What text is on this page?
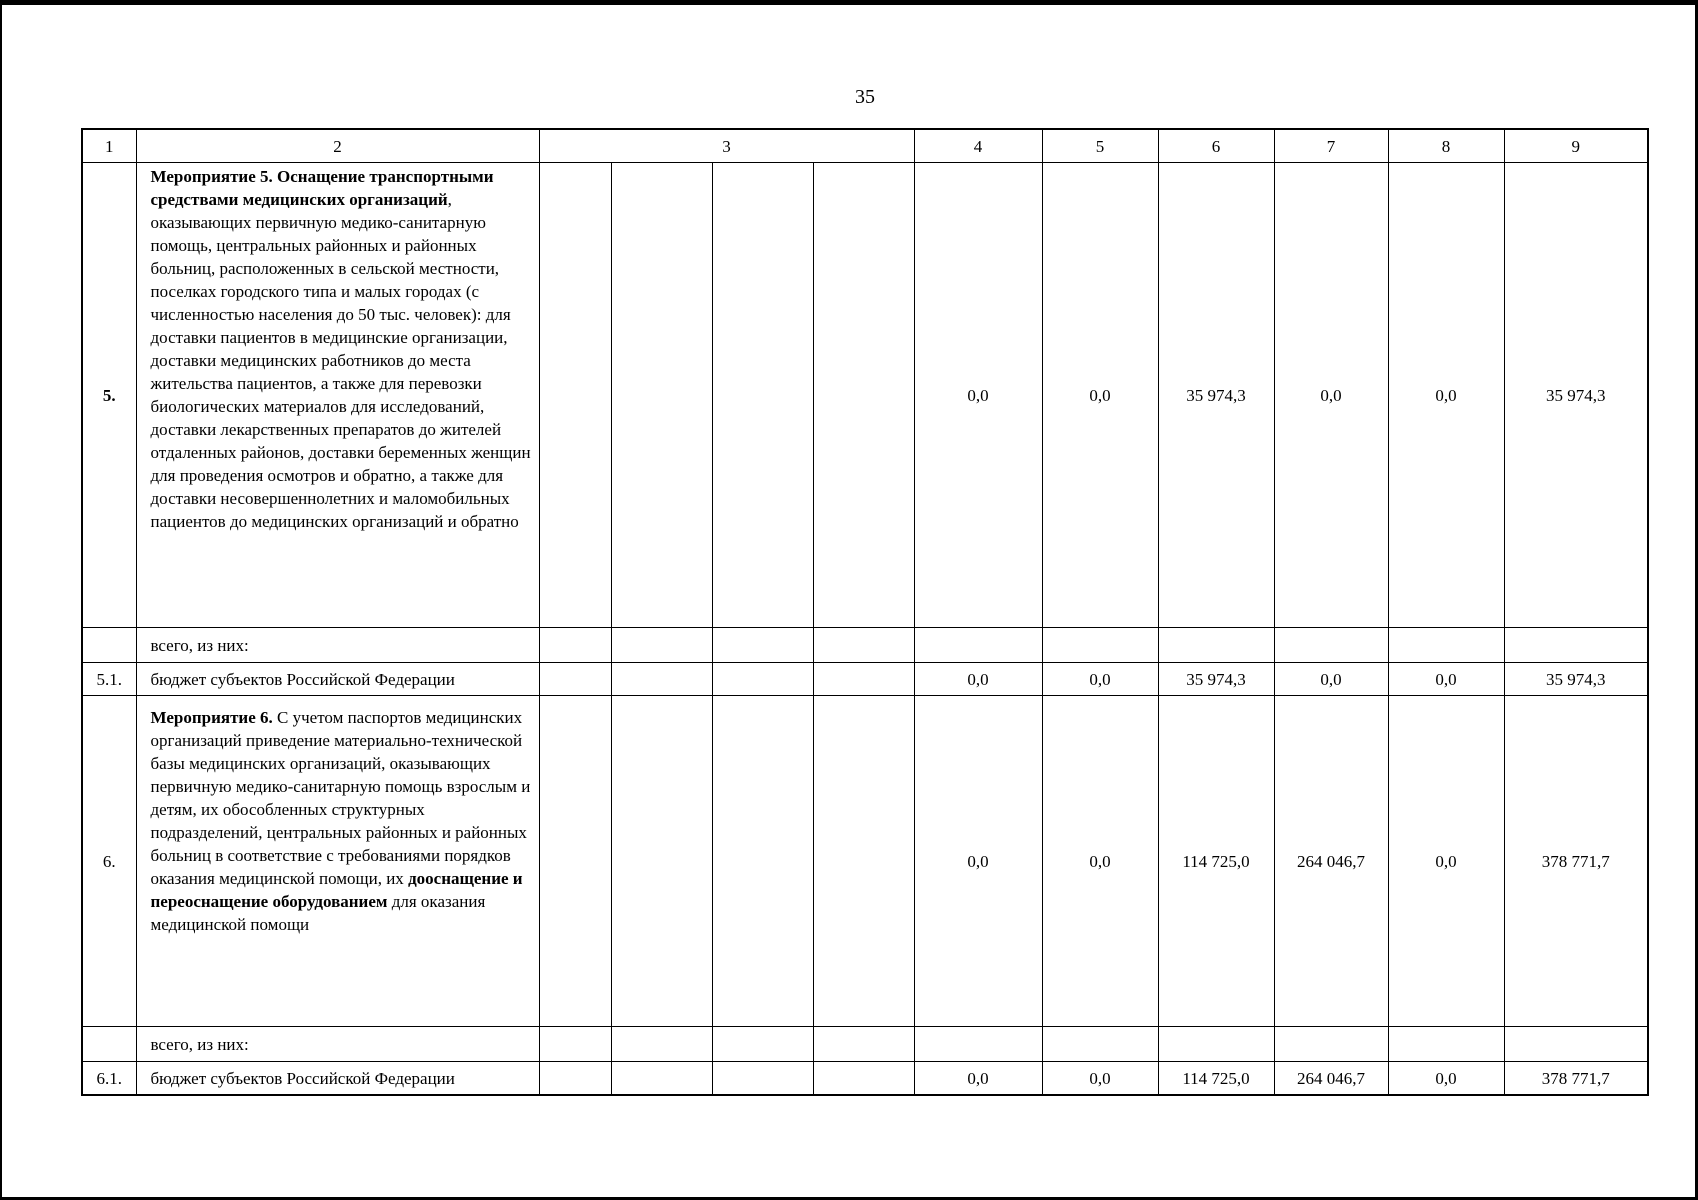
35
1	2	3				4	5	6	7	8	9
5.	Мероприятие 5. Оснащение транспортными средствами медицинских организаций, оказывающих первичную медико-санитарную помощь, центральных районных и районных больниц, расположенных в сельской местности, поселках городского типа и малых городах (с численностью населения до 50 тыс. человек): для доставки пациентов в медицинские организации, доставки медицинских работников до места жительства пациентов, а также для перевозки биологических материалов для исследований, доставки лекарственных препаратов до жителей отдаленных районов, доставки беременных женщин для проведения осмотров и обратно, а также для доставки несовершеннолетних и маломобильных пациентов до медицинских организаций и обратно					0,0	0,0	35 974,3	0,0	0,0	35 974,3
	всего, из них:										
5.1.	бюджет субъектов Российской Федерации					0,0	0,0	35 974,3	0,0	0,0	35 974,3
6.	Мероприятие 6. С учетом паспортов медицинских организаций приведение материально-технической базы медицинских организаций, оказывающих первичную медико-санитарную помощь взрослым и детям, их обособленных структурных подразделений, центральных районных и районных больниц в соответствие с требованиями порядков оказания медицинской помощи, их дооснащение и переоснащение оборудованием для оказания медицинской помощи					0,0	0,0	114 725,0	264 046,7	0,0	378 771,7
	всего, из них:										
6.1.	бюджет субъектов Российской Федерации					0,0	0,0	114 725,0	264 046,7	0,0	378 771,7
